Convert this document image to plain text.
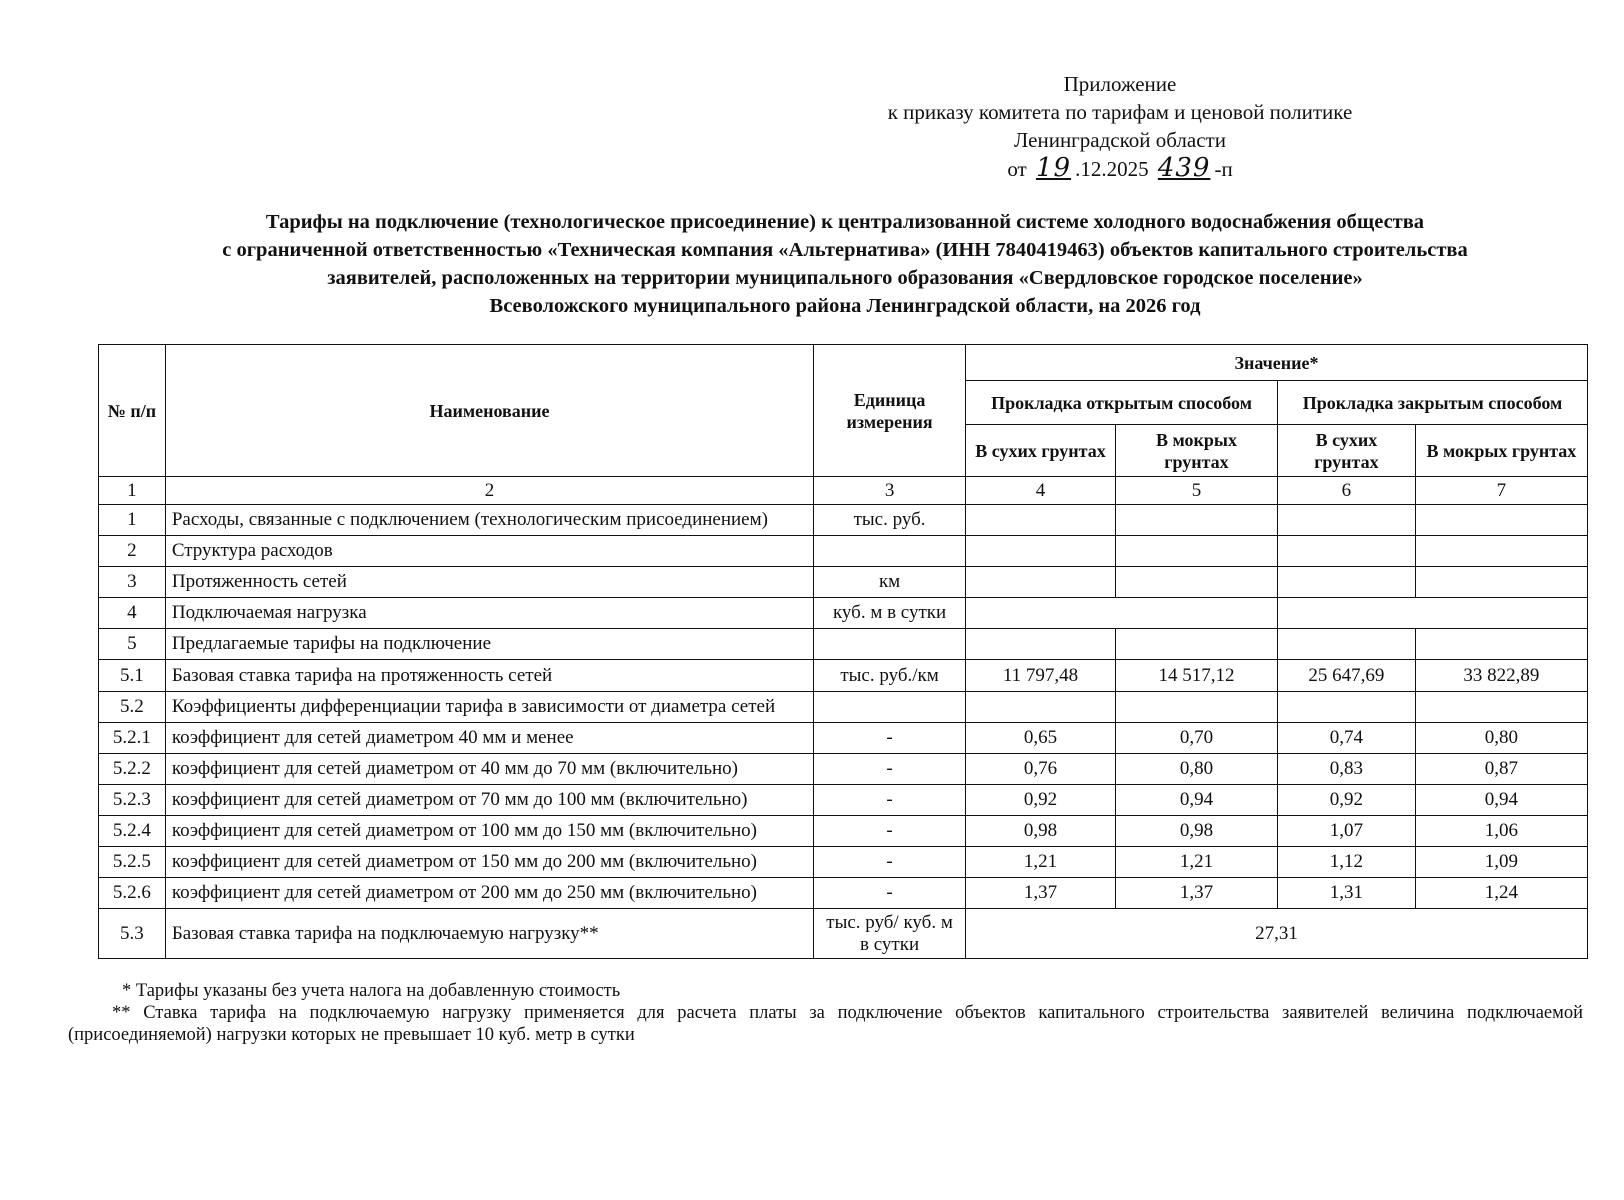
Приложение
к приказу комитета по тарифам и ценовой политике
Ленинградской области
от 19 .12.2025 439 -п
Тарифы на подключение (технологическое присоединение) к централизованной системе холодного водоснабжения общества
с ограниченной ответственностью «Техническая компания «Альтернатива» (ИНН 7840419463) объектов капитального строительства
заявителей, расположенных на территории муниципального образования «Свердловское городское поселение»
Всеволожского муниципального района Ленинградской области, на 2026 год
№ п/п	Наименование	Единица измерения	Значение*			
			Прокладка открытым способом		Прокладка закрытым способом	
			В сухих грунтах	В мокрых грунтах	В сухих грунтах	В мокрых грунтах
1	2	3	4	5	6	7
1	Расходы, связанные с подключением (технологическим присоединением)	тыс. руб.				
2	Структура расходов					
3	Протяженность сетей	км				
4	Подключаемая нагрузка	куб. м в сутки				
5	Предлагаемые тарифы на подключение					
5.1	Базовая ставка тарифа на протяженность сетей	тыс. руб./км	11 797,48	14 517,12	25 647,69	33 822,89
5.2	Коэффициенты дифференциации тарифа в зависимости от диаметра сетей					
5.2.1	коэффициент для сетей диаметром 40 мм и менее	-	0,65	0,70	0,74	0,80
5.2.2	коэффициент для сетей диаметром от 40 мм до 70 мм (включительно)	-	0,76	0,80	0,83	0,87
5.2.3	коэффициент для сетей диаметром от 70 мм до 100 мм (включительно)	-	0,92	0,94	0,92	0,94
5.2.4	коэффициент для сетей диаметром от 100 мм до 150 мм (включительно)	-	0,98	0,98	1,07	1,06
5.2.5	коэффициент для сетей диаметром от 150 мм до 200 мм (включительно)	-	1,21	1,21	1,12	1,09
5.2.6	коэффициент для сетей диаметром от 200 мм до 250 мм (включительно)	-	1,37	1,37	1,31	1,24
5.3	Базовая ставка тарифа на подключаемую нагрузку**	тыс. руб/ куб. м в сутки	27,31			
* Тарифы указаны без учета налога на добавленную стоимость
** Ставка тарифа на подключаемую нагрузку применяется для расчета платы за подключение объектов капитального строительства заявителей величина подключаемой (присоединяемой) нагрузки которых не превышает 10 куб. метр в сутки
